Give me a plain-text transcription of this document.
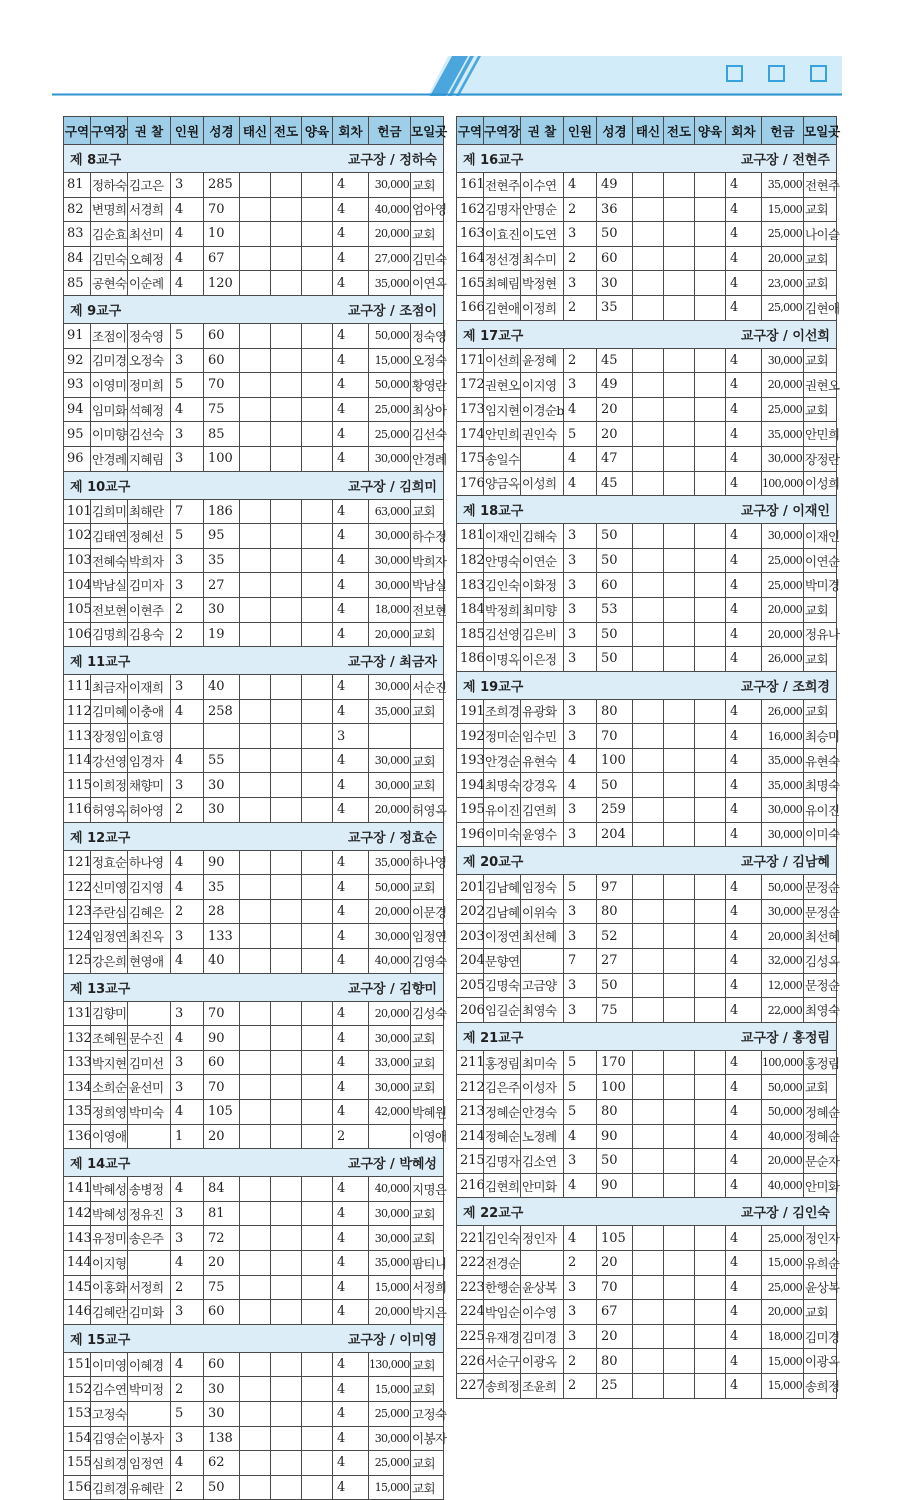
구역	구역장	권 찰	인원	성경	태신	전도	양육	회차	헌금	모일곳

제 8교구 교구장 / 정하숙										

81	정하숙	김고은	3	285				4	30,000	교회
82	변명희	서경희	4	70				4	40,000	엄아영
83	김순효	최선미	4	10				4	20,000	교회
84	김민숙	오혜정	4	67				4	27,000	김민숙
85	공현숙	이순례	4	120				4	35,000	이연옥

제 9교구 교구장 / 조점이										

91	조점이	정숙영	5	60				4	50,000	정숙영
92	김미경	오정숙	3	60				4	15,000	오정숙
93	이영미	정미희	5	70				4	50,000	황영란
94	임미화	석혜정	4	75				4	25,000	최상아
95	이미향	김선숙	3	85				4	25,000	김선숙
96	안경례	지혜림	3	100				4	30,000	안경례

제 10교구 교구장 / 김희미										

101	김희미	최해란	7	186				4	63,000	교회
102	김태연	정혜선	5	95				4	30,000	하수정
103	전혜숙	박희자	3	35				4	30,000	박희자
104	박남실	김미자	3	27				4	30,000	박남실
105	전보현	이현주	2	30				4	18,000	전보현
106	김명희	김용숙	2	19				4	20,000	교회

제 11교구 교구장 / 최금자										

111	최금자	이재희	3	40				4	30,000	서순진
112	김미혜	이충애	4	258				4	35,000	교회
113	장정임	이효영						3		
114	강선영	임경자	4	55				4	30,000	교회
115	이희정	채향미	3	30				4	30,000	교회
116	허영옥	허아영	2	30				4	20,000	허영옥

제 12교구 교구장 / 정효순										

121	정효순	하나영	4	90				4	35,000	하나영
122	신미영	김지영	4	35				4	50,000	교회
123	주란심	김혜은	2	28				4	20,000	이문경
124	임정연	최진옥	3	133				4	30,000	임정연
125	강은희	현영애	4	40				4	40,000	김영숙

제 13교구 교구장 / 김향미										

131	김향미		3	70				4	20,000	김성숙
132	조혜원	문수진	4	90				4	30,000	교회
133	박지현	김미선	3	60				4	33,000	교회
134	소희순	윤선미	3	70				4	30,000	교회
135	정희영	박미숙	4	105				4	42,000	박혜원
136	이영애		1	20				2		이영애

제 14교구 교구장 / 박혜성										

141	박혜성	송병정	4	84				4	40,000	지명은
142	박혜성	정유진	3	81				4	30,000	교회
143	유정미	송은주	3	72				4	30,000	교회
144	이지형		4	20				4	35,000	팜티니
145	이홍화	서정희	2	75				4	15,000	서정희
146	김혜란	김미화	3	60				4	20,000	박지은

제 15교구 교구장 / 이미영										

151	이미영	이혜경	4	60				4	130,000	교회
152	김수연	박미정	2	30				4	15,000	교회
153	고정숙		5	30				4	25,000	고정숙
154	김영순	이봉자	3	138				4	30,000	이봉자
155	심희경	임정연	4	62				4	25,000	교회
156	김희경	유혜란	2	50				4	15,000	교회
구역	구역장	권 찰	인원	성경	태신	전도	양육	회차	헌금	모일곳

제 16교구 교구장 / 전현주										

161	전현주	이수연	4	49				4	35,000	전현주
162	김명자	안명순	2	36				4	15,000	교회
163	이효진	이도연	3	50				4	25,000	나이슬
164	정선경	최수미	2	60				4	20,000	교회
165	최혜림	박정현	3	30				4	23,000	교회
166	김현애	이정희	2	35				4	25,000	김현애

제 17교구 교구장 / 이선희										

171	이선희	윤정혜	2	45				4	30,000	교회
172	권현오	이지영	3	49				4	20,000	권현오
173	임지현	이경순b	4	20				4	25,000	교회
174	안민희	권인숙	5	20				4	35,000	안민희
175	송일수		4	47				4	30,000	장정란
176	양금옥	이성희	4	45				4	100,000	이성희

제 18교구 교구장 / 이재인										

181	이재인	김해숙	3	50				4	30,000	이재인
182	안명숙	이연순	3	50				4	25,000	이연순
183	김인숙	이화정	3	60				4	25,000	박미경
184	박정희	최미향	3	53				4	20,000	교회
185	김선영	김은비	3	50				4	20,000	정유나
186	이명옥	이은정	3	50				4	26,000	교회

제 19교구 교구장 / 조희경										

191	조희경	유광화	3	80				4	26,000	교회
192	정미순	임수민	3	70				4	16,000	최승미
193	안경순	유현숙	4	100				4	35,000	유현숙
194	최명숙	강경옥	4	50				4	35,000	최명숙
195	유이진	김연희	3	259				4	30,000	유이진
196	이미숙	윤영수	3	204				4	30,000	이미숙

제 20교구 교구장 / 김남혜										

201	김남혜	임정숙	5	97				4	50,000	문정순
202	김남혜	이위숙	3	80				4	30,000	문정순
203	이정연	최선혜	3	52				4	20,000	최선혜
204	문향연		7	27				4	32,000	김성옥
205	김명숙	고금양	3	50				4	12,000	문정순
206	임길순	최영숙	3	75				4	22,000	최영숙

제 21교구 교구장 / 홍정림										

211	홍정림	최미숙	5	170				4	100,000	홍정림
212	김은주	이성자	5	100				4	50,000	교회
213	정혜순	안경숙	5	80				4	50,000	정혜순
214	정혜순	노정례	4	90				4	40,000	정혜순
215	김명자	김소연	3	50				4	20,000	문순자
216	김현희	안미화	4	90				4	40,000	안미화

제 22교구 교구장 / 김인숙										

221	김인숙	정인자	4	105				4	25,000	정인자
222	전경순		2	20				4	15,000	유희순
223	한행순	윤상복	3	70				4	25,000	윤상복
224	박임순	이수영	3	67				4	20,000	교회
225	유재경	김미경	3	20				4	18,000	김미경
226	서순구	이광옥	2	80				4	15,000	이광옥
227	송희정	조윤희	2	25				4	15,000	송희정
